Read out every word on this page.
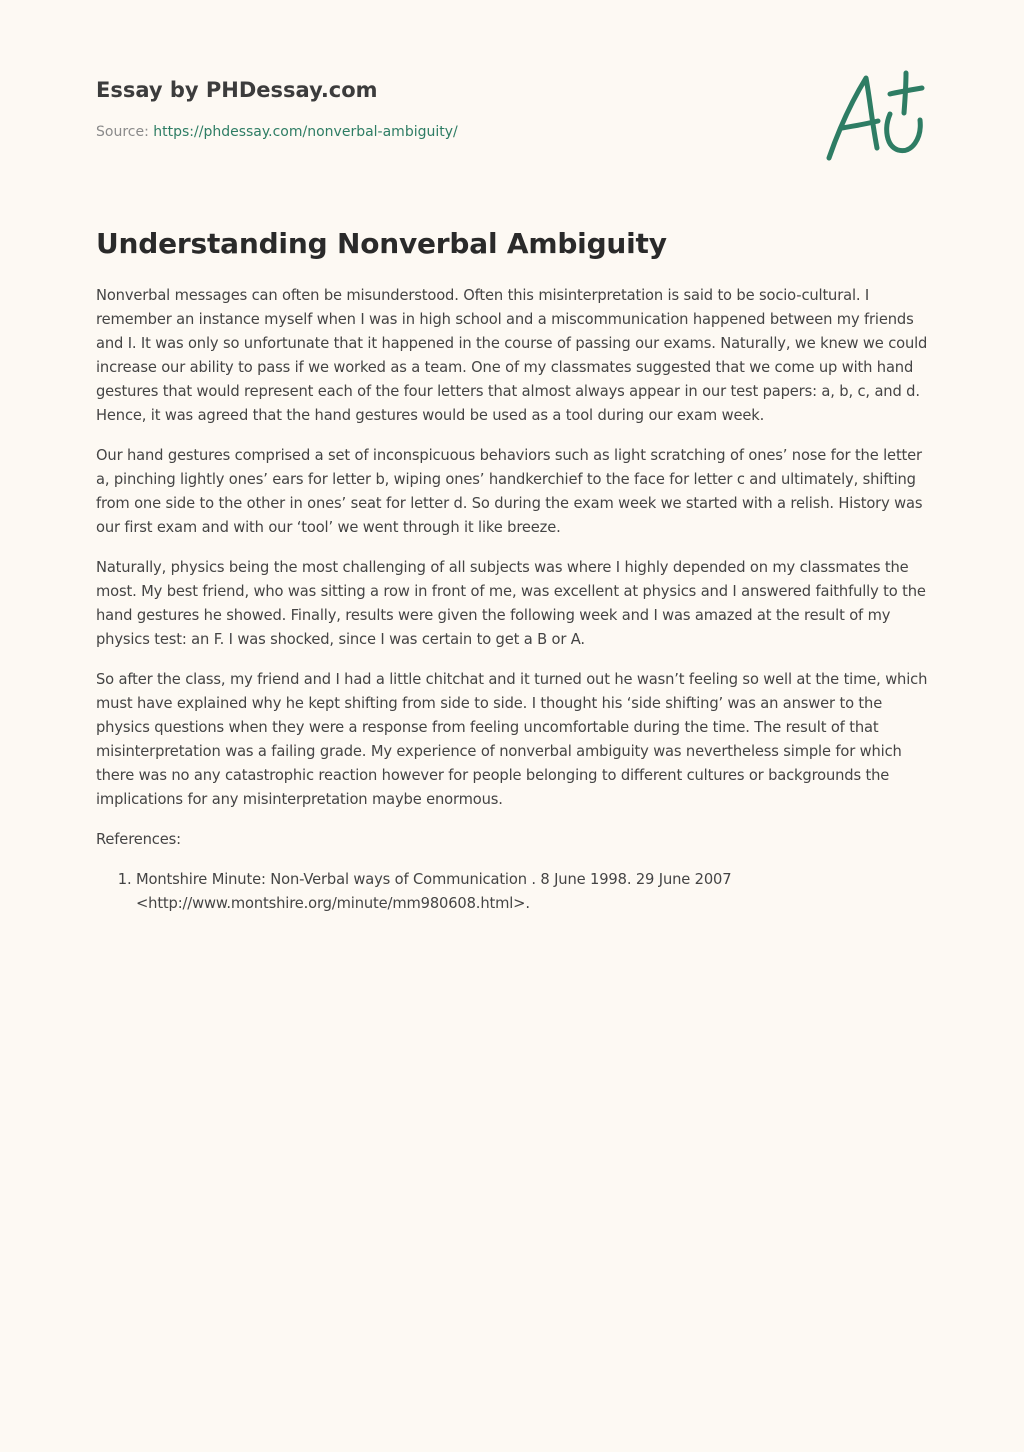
Essay by PHDessay.com
Source: https://phdessay.com/nonverbal-ambiguity/
Understanding Nonverbal Ambiguity

Nonverbal messages can often be misunderstood. Often this misinterpretation is said to be socio-cultural. I remember an instance myself when I was in high school and a miscommunication happened between my friends and I. It was only so unfortunate that it happened in the course of passing our exams. Naturally, we knew we could increase our ability to pass if we worked as a team. One of my classmates suggested that we come up with hand gestures that would represent each of the four letters that almost always appear in our test papers: a, b, c, and d. Hence, it was agreed that the hand gestures would be used as a tool during our exam week.

Our hand gestures comprised a set of inconspicuous behaviors such as light scratching of ones’ nose for the letter a, pinching lightly ones’ ears for letter b, wiping ones’ handkerchief to the face for letter c and ultimately, shifting from one side to the other in ones’ seat for letter d. So during the exam week we started with a relish. History was our first exam and with our ‘tool’ we went through it like breeze.

Naturally, physics being the most challenging of all subjects was where I highly depended on my classmates the most. My best friend, who was sitting a row in front of me, was excellent at physics and I answered faithfully to the hand gestures he showed. Finally, results were given the following week and I was amazed at the result of my physics test: an F. I was shocked, since I was certain to get a B or A.

So after the class, my friend and I had a little chitchat and it turned out he wasn’t feeling so well at the time, which must have explained why he kept shifting from side to side. I thought his ‘side shifting’ was an answer to the physics questions when they were a response from feeling uncomfortable during the time. The result of that misinterpretation was a failing grade. My experience of nonverbal ambiguity was nevertheless simple for which there was no any catastrophic reaction however for people belonging to different cultures or backgrounds the implications for any misinterpretation maybe enormous.

References:

1. Montshire Minute: Non-Verbal ways of Communication . 8 June 1998. 29 June 2007 <http://www.montshire.org/minute/mm980608.html>.
